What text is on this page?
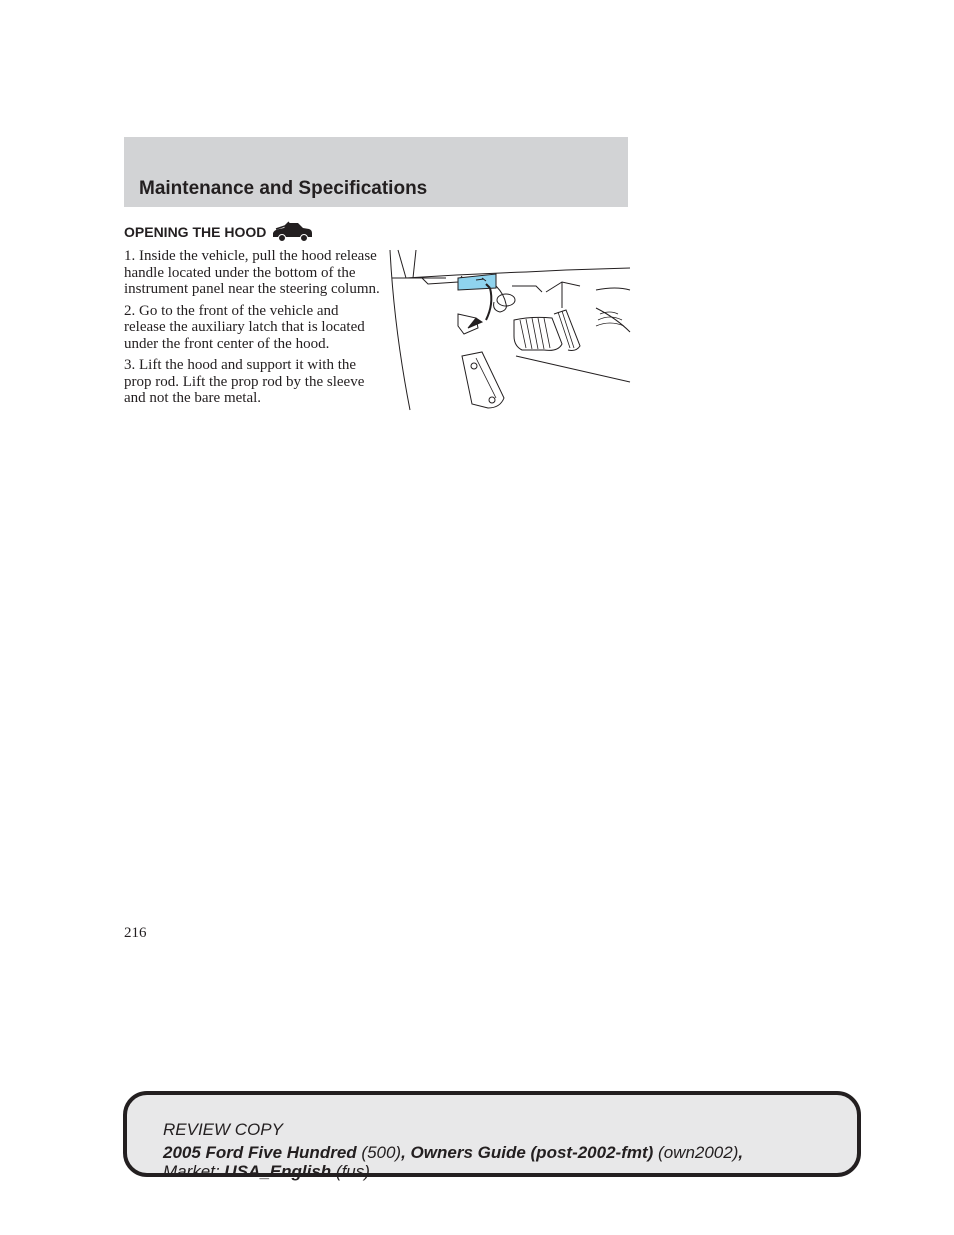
Maintenance and Specifications
OPENING THE HOOD

1. Inside the vehicle, pull the hood release handle located under the bottom of the instrument panel near the steering column.

2. Go to the front of the vehicle and release the auxiliary latch that is located under the front center of the hood.

3. Lift the hood and support it with the prop rod. Lift the prop rod by the sleeve and not the bare metal.

216
REVIEW COPY
2005 Ford Five Hundred (500), Owners Guide (post-2002-fmt) (own2002),
Market: USA_English (fus)
